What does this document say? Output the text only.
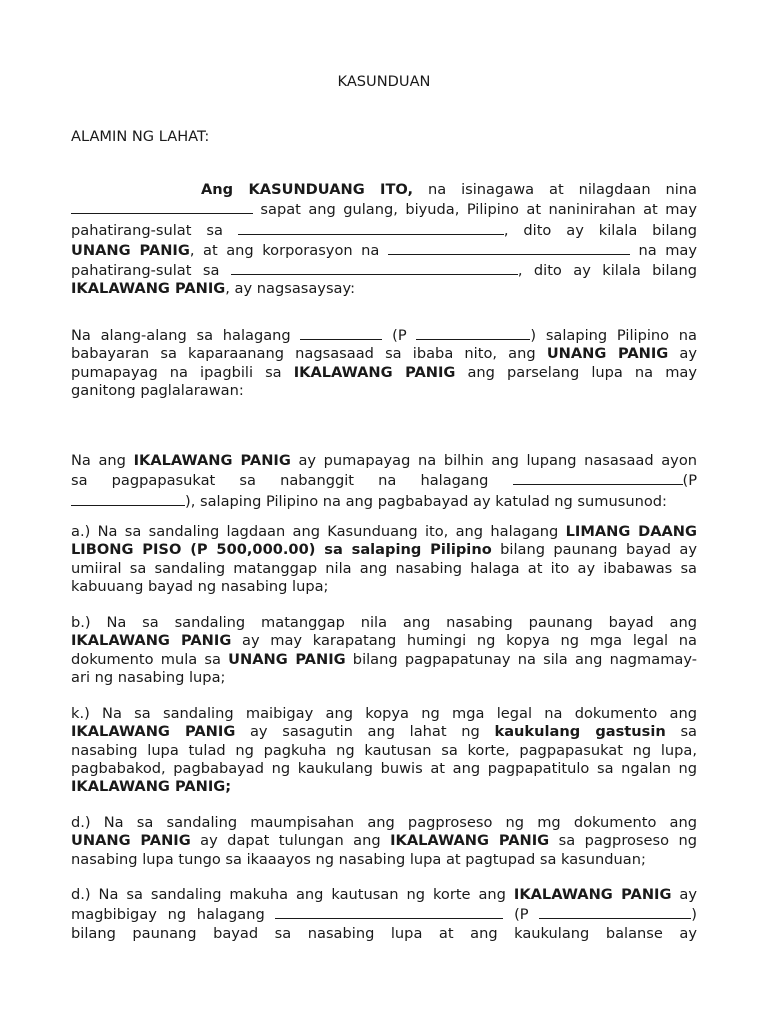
KASUNDUAN
ALAMIN NG LAHAT:
Ang KASUNDUANG ITO, na isinagawa at nilagdaan nina
sapat ang gulang, biyuda, Pilipino at naninirahan at may
pahatirang-sulat sa	, dito ay kilala bilang
UNANG PANIG, at ang korporasyon na	na may
pahatirang-sulat sa	, dito ay kilala bilang
IKALAWANG PANIG, ay nagsasaysay:
Na alang-alang sa halagang	(P	) salaping Pilipino na
babayaran sa kaparaanang nagsasaad sa ibaba nito, ang UNANG PANIG ay
pumapayag na ipagbili sa IKALAWANG PANIG ang parselang lupa na may
ganitong paglalarawan:
Na ang IKALAWANG PANIG ay pumapayag na bilhin ang lupang nasasaad ayon
sa pagpapasukat sa nabanggit na halagang	(P
), salaping Pilipino na ang pagbabayad ay katulad ng sumusunod:
a.) Na sa sandaling lagdaan ang Kasunduang ito, ang halagang LIMANG DAANG
LIBONG PISO (P 500,000.00) sa salaping Pilipino bilang paunang bayad ay
umiiral sa sandaling matanggap nila ang nasabing halaga at ito ay ibabawas sa
kabuuang bayad ng nasabing lupa;
b.) Na sa sandaling matanggap nila ang nasabing paunang bayad ang
IKALAWANG PANIG ay may karapatang humingi ng kopya ng mga legal na
dokumento mula sa UNANG PANIG bilang pagpapatunay na sila ang nagmamay-
ari ng nasabing lupa;
k.) Na sa sandaling maibigay ang kopya ng mga legal na dokumento ang
IKALAWANG PANIG ay sasagutin ang lahat ng kaukulang gastusin sa
nasabing lupa tulad ng pagkuha ng kautusan sa korte, pagpapasukat ng lupa,
pagbabakod, pagbabayad ng kaukulang buwis at ang pagpapatitulo sa ngalan ng
IKALAWANG PANIG;
d.) Na sa sandaling maumpisahan ang pagproseso ng mg dokumento ang
UNANG PANIG ay dapat tulungan ang IKALAWANG PANIG sa pagproseso ng
nasabing lupa tungo sa ikaaayos ng nasabing lupa at pagtupad sa kasunduan;
d.) Na sa sandaling makuha ang kautusan ng korte ang IKALAWANG PANIG ay
magbibigay ng halagang	(P	)
bilang paunang bayad sa nasabing lupa at ang kaukulang balanse ay
